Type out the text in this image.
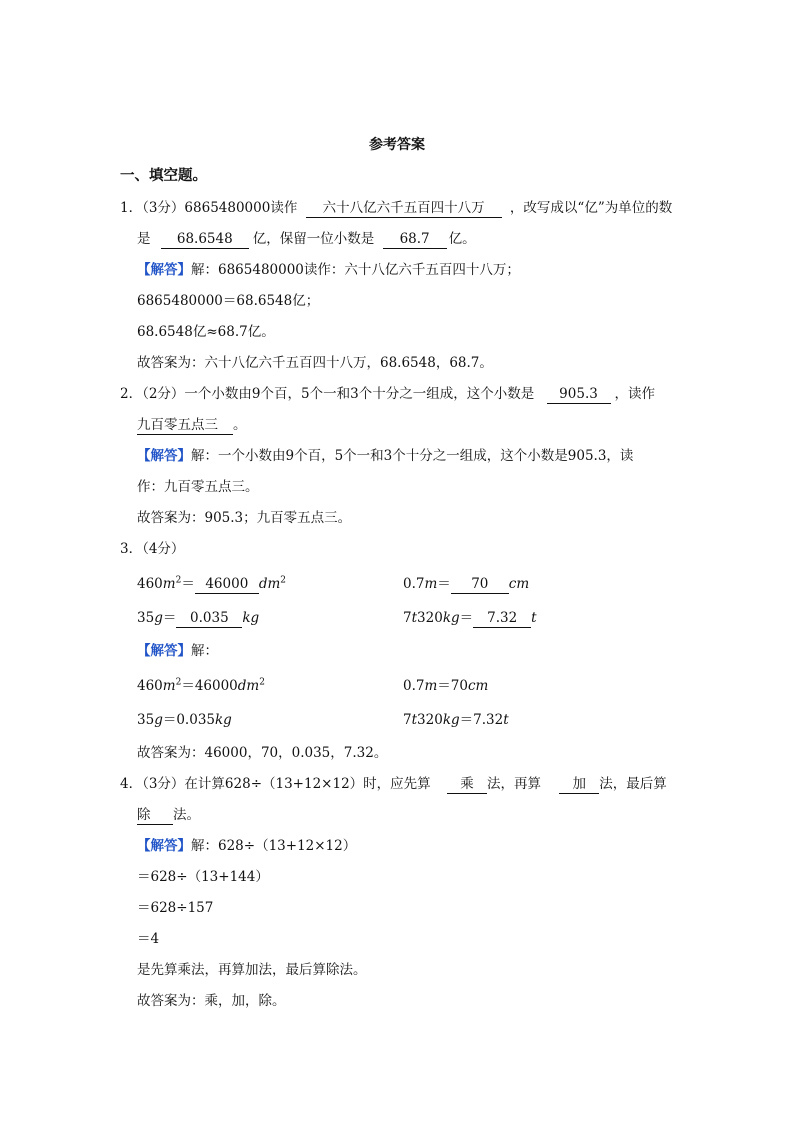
参考答案
一、填空题。
1．（3分）6865480000读作 六十八亿六千五百四十八万 ，改写成以“亿”为单位的数
是 68.6548 亿，保留一位小数是 68.7 亿。
【解答】解：6865480000读作：六十八亿六千五百四十八万；
6865480000＝68.6548亿；
68.6548亿≈68.7亿。
故答案为：六十八亿六千五百四十八万，68.6548，68.7。
2．（2分）一个小数由9个百，5个一和3个十分之一组成，这个小数是 905.3 ，读作
九百零五点三 。
【解答】解：一个小数由9个百，5个一和3个十分之一组成，这个小数是905.3，读
作：九百零五点三。
故答案为：905.3；九百零五点三。
3．（4分）
$460m^2= 46000$ $dm^2$	0.7m＝ 70 cm
35g＝ 0.035 kg	7t320kg＝ 7.32 t
【解答】解：
$460m^2=46000dm^2$	0.7m＝70cm
35g＝0.035kg	7t320kg＝7.32t
故答案为：46000，70，0.035，7.32。
4．（3分）在计算628÷（13+12×12）时，应先算 乘 法，再算 加 法，最后算
除 法。
【解答】解：628÷（13+12×12）
＝628÷（13+144）
＝628÷157
＝4
是先算乘法，再算加法，最后算除法。
故答案为：乘，加，除。
